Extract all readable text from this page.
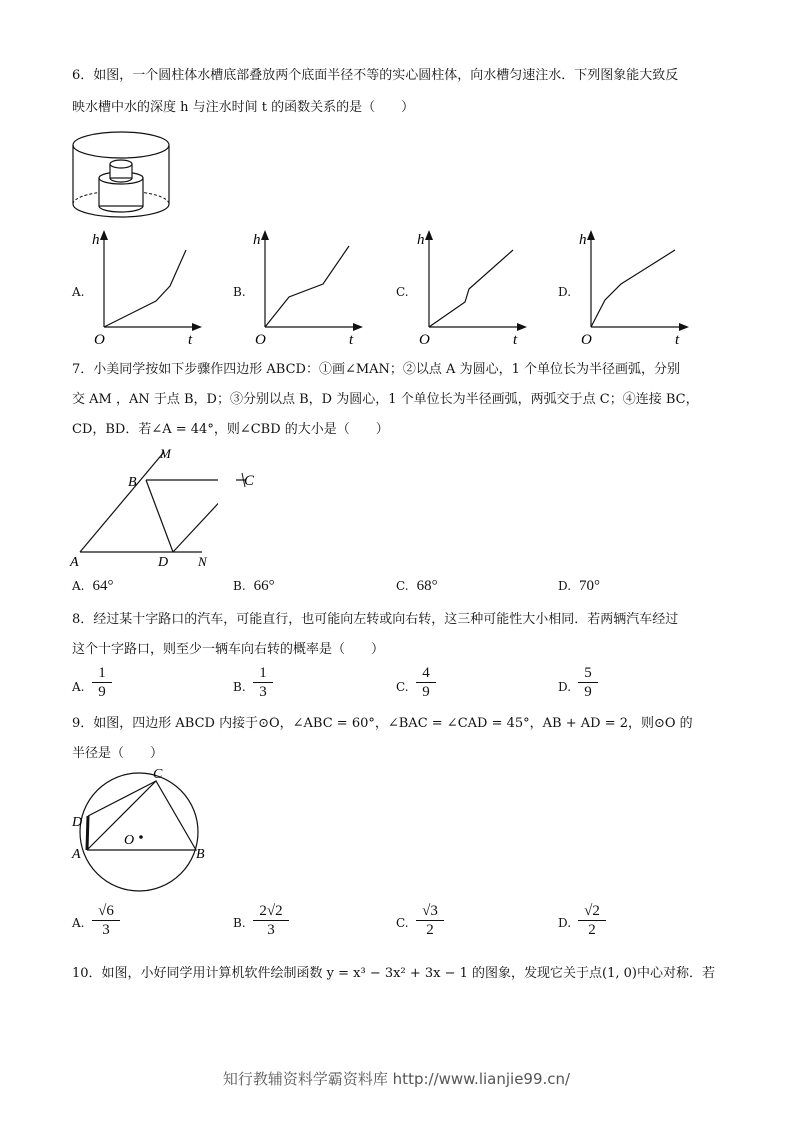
6．如图，一个圆柱体水槽底部叠放两个底面半径不等的实心圆柱体，向水槽匀速注水．下列图象能大致反
映水槽中水的深度 h 与注水时间 t 的函数关系的是（　　）
A.
h
t
O
B.
h
t
O
C.
h
t
O
D.
h
t
O
7．小美同学按如下步骤作四边形 ABCD：①画∠MAN；②以点 A 为圆心，1 个单位长为半径画弧，分别
交 AM ，AN 于点 B，D；③分别以点 B，D 为圆心，1 个单位长为半径画弧，两弧交于点 C；④连接 BC，
CD，BD．若∠A = 44°，则∠CBD 的大小是（　　）
M
B
A	D N
C
A. 64°	B. 66°	C. 68°	D. 70°
8．经过某十字路口的汽车，可能直行，也可能向左转或向右转，这三种可能性大小相同．若两辆汽车经过
这个十字路口，则至少一辆车向右转的概率是（　　）
A. $\frac{1}{9}$	B. $\frac{1}{3}$	C. $\frac{4}{9}$	D. $\frac{5}{9}$
9．如图，四边形 ABCD 内接于⊙O，∠ABC = 60°，∠BAC = ∠CAD = 45°，AB + AD = 2，则⊙O 的
半径是（　　）
C
D
O
A	B
A. $\frac{√6}{3}$	B. $\frac{2√2}{3}$	C. $\frac{√3}{2}$	D. $\frac{√2}{2}$
10．如图，小好同学用计算机软件绘制函数 y = x³ − 3x² + 3x − 1 的图象，发现它关于点(1, 0)中心对称．若
知行教辅资料学霸资料库 http://www.lianjie99.cn/
